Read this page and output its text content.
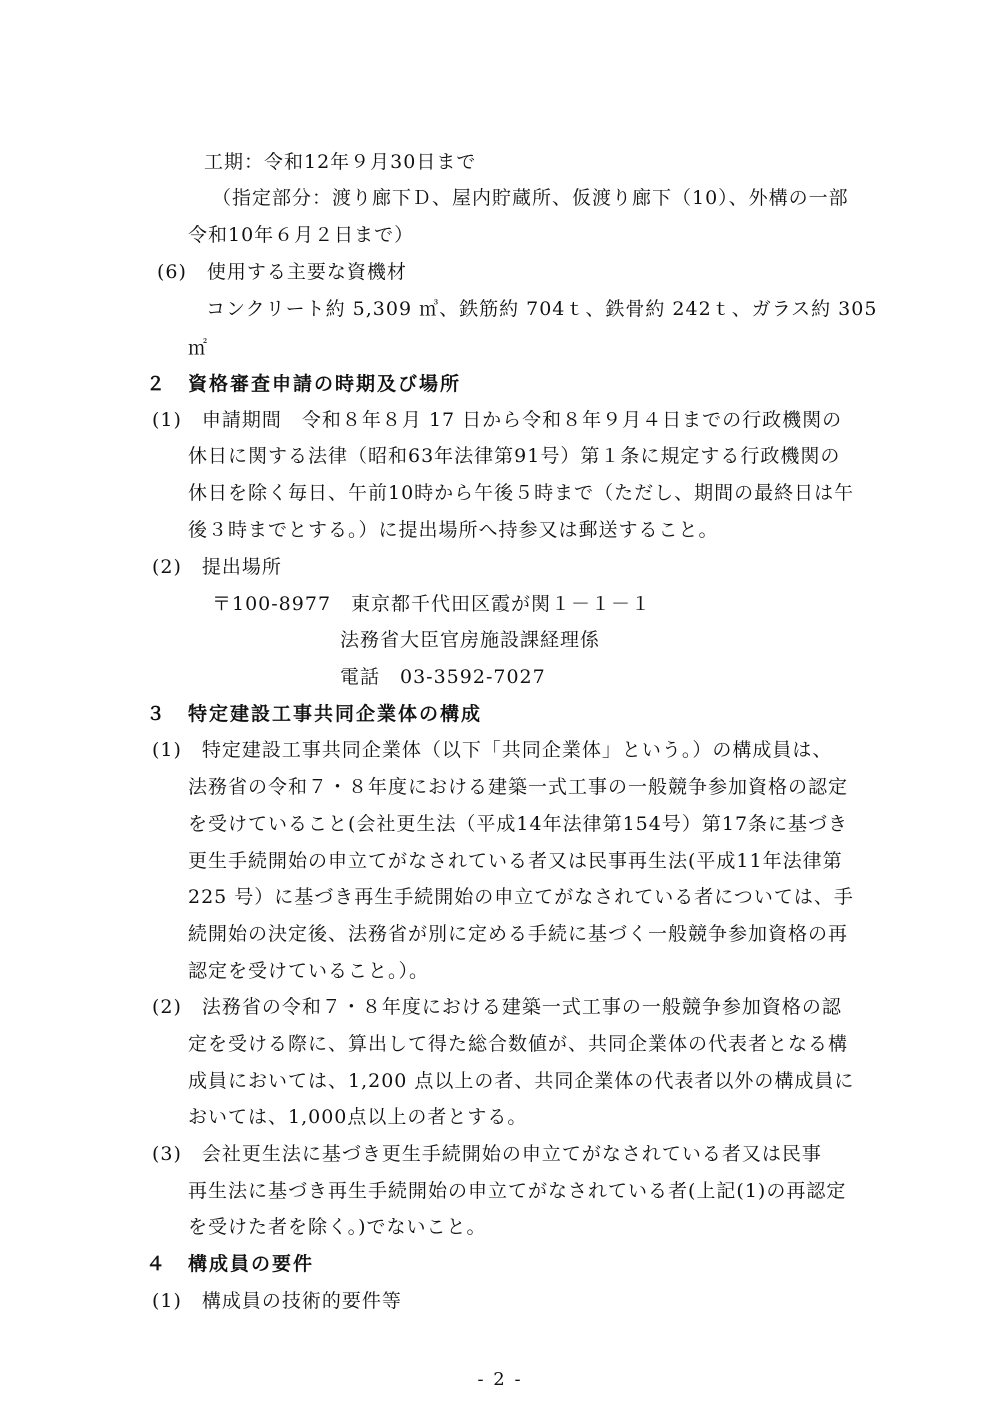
工期：令和12年９月30日まで
（指定部分：渡り廊下Ｄ、屋内貯蔵所、仮渡り廊下（10）、外構の一部
令和10年６月２日まで）
(6)　使用する主要な資機材
コンクリート約 5,309 ㎥、鉄筋約 704ｔ、鉄骨約 242ｔ、ガラス約 305
㎡
２　資格審査申請の時期及び場所
(1)　申請期間　令和８年８月 17 日から令和８年９月４日までの行政機関の
休日に関する法律（昭和63年法律第91号）第１条に規定する行政機関の
休日を除く毎日、午前10時から午後５時まで（ただし、期間の最終日は午
後３時までとする。）に提出場所へ持参又は郵送すること。
(2)　提出場所
〒100-8977　東京都千代田区霞が関１－１－１
法務省大臣官房施設課経理係
電話　03-3592-7027
３　特定建設工事共同企業体の構成
(1)　特定建設工事共同企業体（以下「共同企業体」という。）の構成員は、
法務省の令和７・８年度における建築一式工事の一般競争参加資格の認定
を受けていること(会社更生法（平成14年法律第154号）第17条に基づき
更生手続開始の申立てがなされている者又は民事再生法(平成11年法律第
225 号）に基づき再生手続開始の申立てがなされている者については、手
続開始の決定後、法務省が別に定める手続に基づく一般競争参加資格の再
認定を受けていること。）。
(2)　法務省の令和７・８年度における建築一式工事の一般競争参加資格の認
定を受ける際に、算出して得た総合数値が、共同企業体の代表者となる構
成員においては、1,200 点以上の者、共同企業体の代表者以外の構成員に
おいては、1,000点以上の者とする。
(3)　会社更生法に基づき更生手続開始の申立てがなされている者又は民事
再生法に基づき再生手続開始の申立てがなされている者(上記(1)の再認定
を受けた者を除く。)でないこと。
４　構成員の要件
(1)　構成員の技術的要件等
- 2 -
